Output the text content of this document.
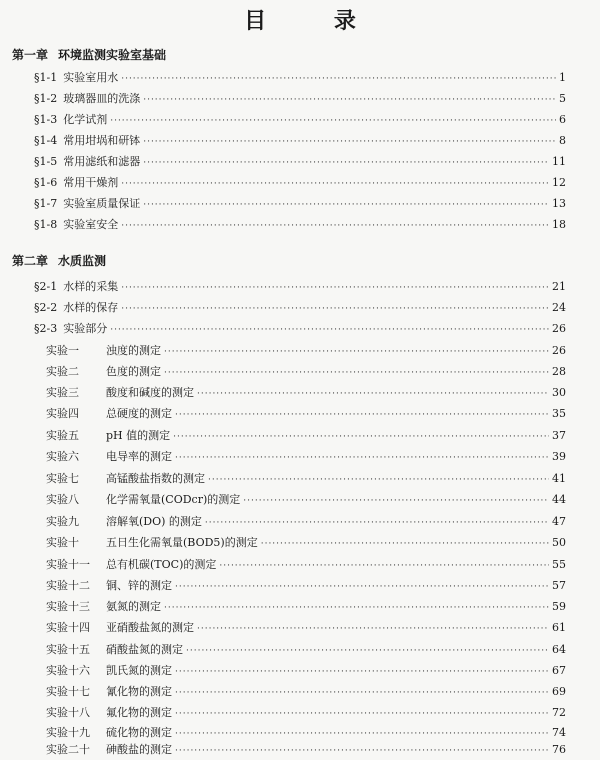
目 录
第一章 环境监测实验室基础
§1-1 实验室用水 ·····	1
§1-2 玻璃器皿的洗涤 ·····	5
§1-3 化学试剂 ·····	6
§1-4 常用坩埚和研钵 ·····	8
§1-5 常用滤纸和滤器 ·····	11
§1-6 常用干燥剂 ·····	12
§1-7 实验室质量保证 ·····	13
§1-8 实验室安全 ·····	18
第二章 水质监测
§2-1 水样的采集 ·····	21
§2-2 水样的保存 ·····	24
§2-3 实验部分 ·····	26
实验一	浊度的测定 ·····	26
实验二	色度的测定 ·····	28
实验三	酸度和碱度的测定 ·····	30
实验四	总硬度的测定 ·····	35
实验五	pH 值的测定 ·····	37
实验六	电导率的测定 ·····	39
实验七	高锰酸盐指数的测定 ·····	41
实验八	化学需氧量(CODcr)的测定 ·····	44
实验九	溶解氧(DO) 的测定 ·····	47
实验十	五日生化需氧量(BOD5)的测定 ·····	50
实验十一	总有机碳(TOC)的测定 ·····	55
实验十二	铜、锌的测定 ·····	57
实验十三	氨氮的测定 ·····	59
实验十四	亚硝酸盐氮的测定 ·····	61
实验十五	硝酸盐氮的测定 ·····	64
实验十六	凯氏氮的测定 ·····	67
实验十七	氰化物的测定 ·····	69
实验十八	氟化物的测定 ·····	72
实验十九	硫化物的测定 ·····	74
实验二十	砷酸盐的测定 ·····	76
